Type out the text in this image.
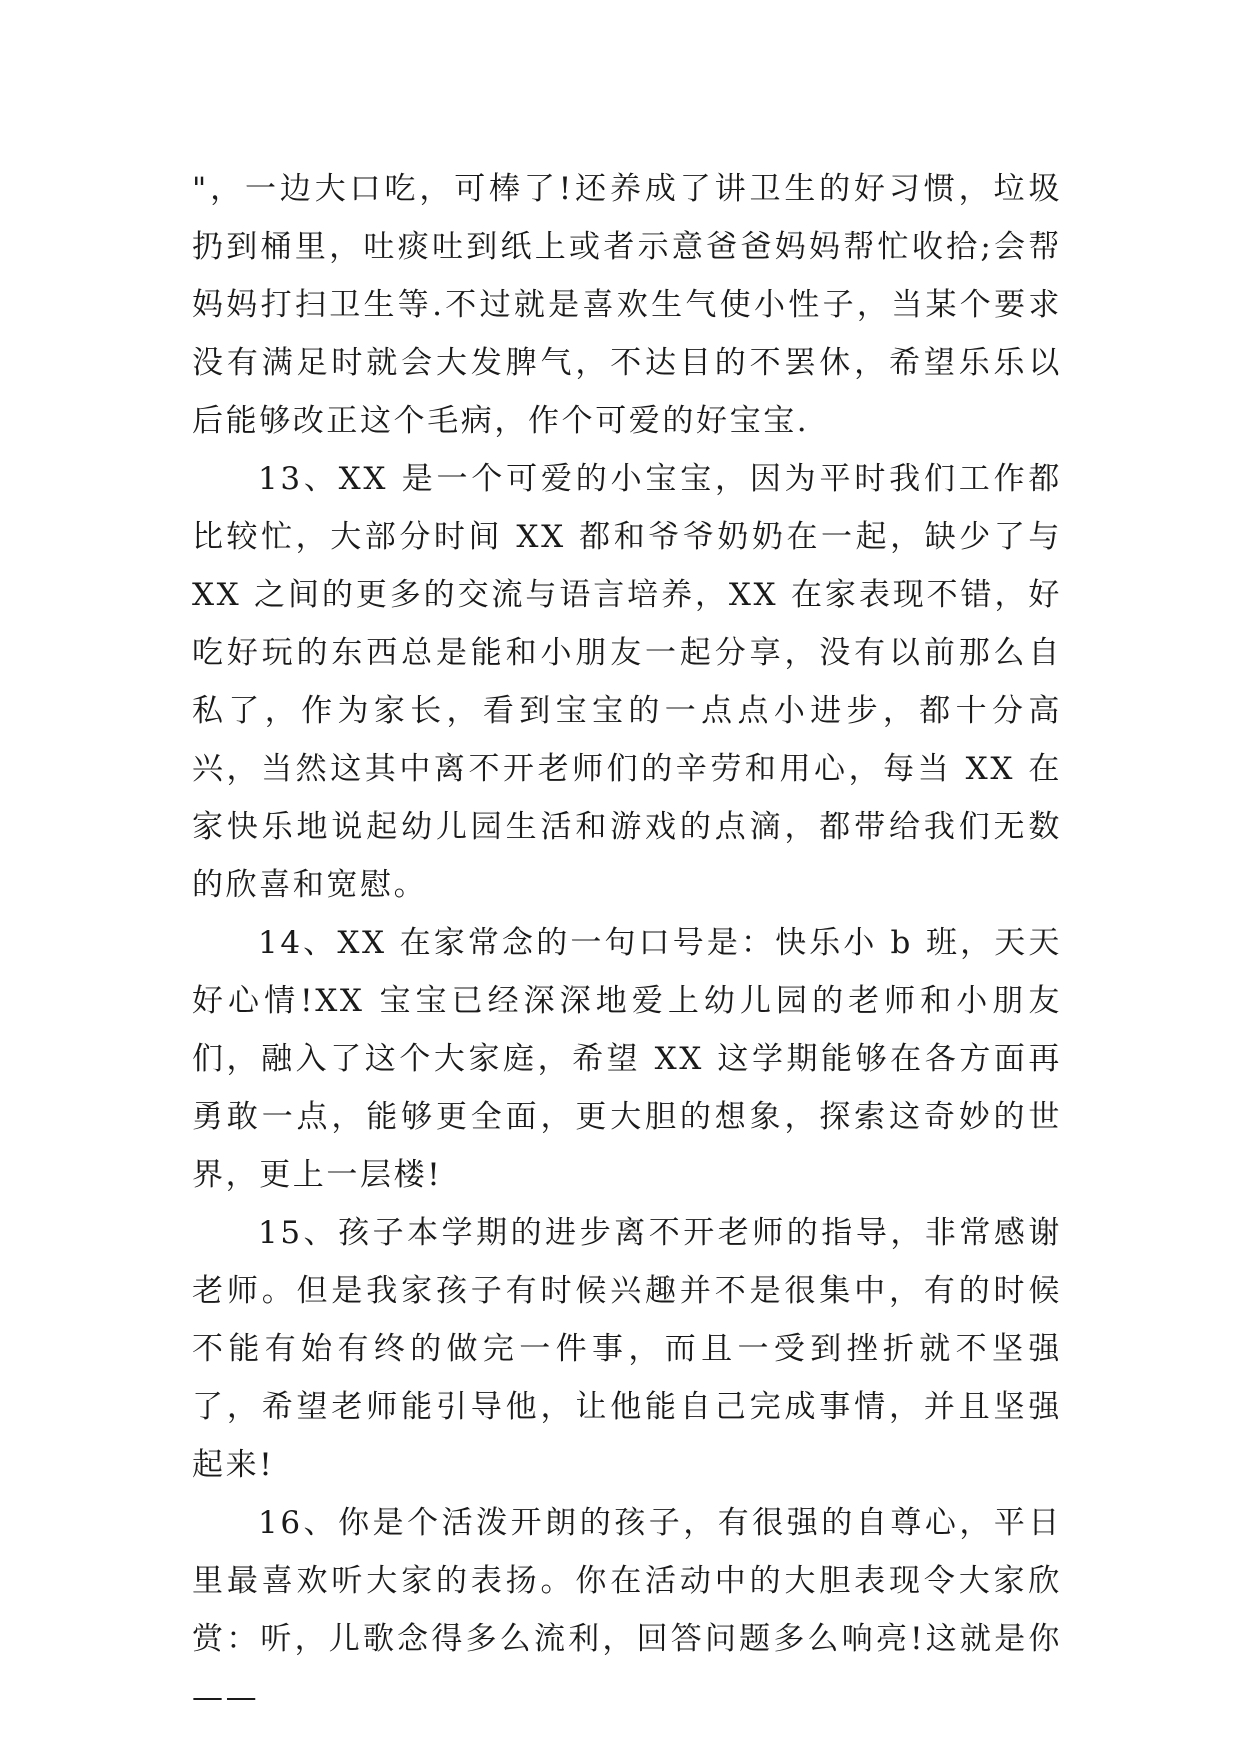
"，一边大口吃，可棒了!还养成了讲卫生的好习惯，垃圾扔到桶里，吐痰吐到纸上或者示意爸爸妈妈帮忙收拾;会帮妈妈打扫卫生等.不过就是喜欢生气使小性子，当某个要求没有满足时就会大发脾气，不达目的不罢休，希望乐乐以后能够改正这个毛病，作个可爱的好宝宝.

13、XX 是一个可爱的小宝宝，因为平时我们工作都比较忙，大部分时间 XX 都和爷爷奶奶在一起，缺少了与 XX 之间的更多的交流与语言培养，XX 在家表现不错，好吃好玩的东西总是能和小朋友一起分享，没有以前那么自私了，作为家长，看到宝宝的一点点小进步，都十分高兴，当然这其中离不开老师们的辛劳和用心，每当 XX 在家快乐地说起幼儿园生活和游戏的点滴，都带给我们无数的欣喜和宽慰。

14、XX 在家常念的一句口号是：快乐小 b 班，天天好心情!XX 宝宝已经深深地爱上幼儿园的老师和小朋友们，融入了这个大家庭，希望 XX 这学期能够在各方面再勇敢一点，能够更全面，更大胆的想象，探索这奇妙的世界，更上一层楼!

15、孩子本学期的进步离不开老师的指导，非常感谢老师。但是我家孩子有时候兴趣并不是很集中，有的时候不能有始有终的做完一件事，而且一受到挫折就不坚强了，希望老师能引导他，让他能自己完成事情，并且坚强起来!

16、你是个活泼开朗的孩子，有很强的自尊心，平日里最喜欢听大家的表扬。你在活动中的大胆表现令大家欣赏：听，儿歌念得多么流利，回答问题多么响亮!这就是你——
